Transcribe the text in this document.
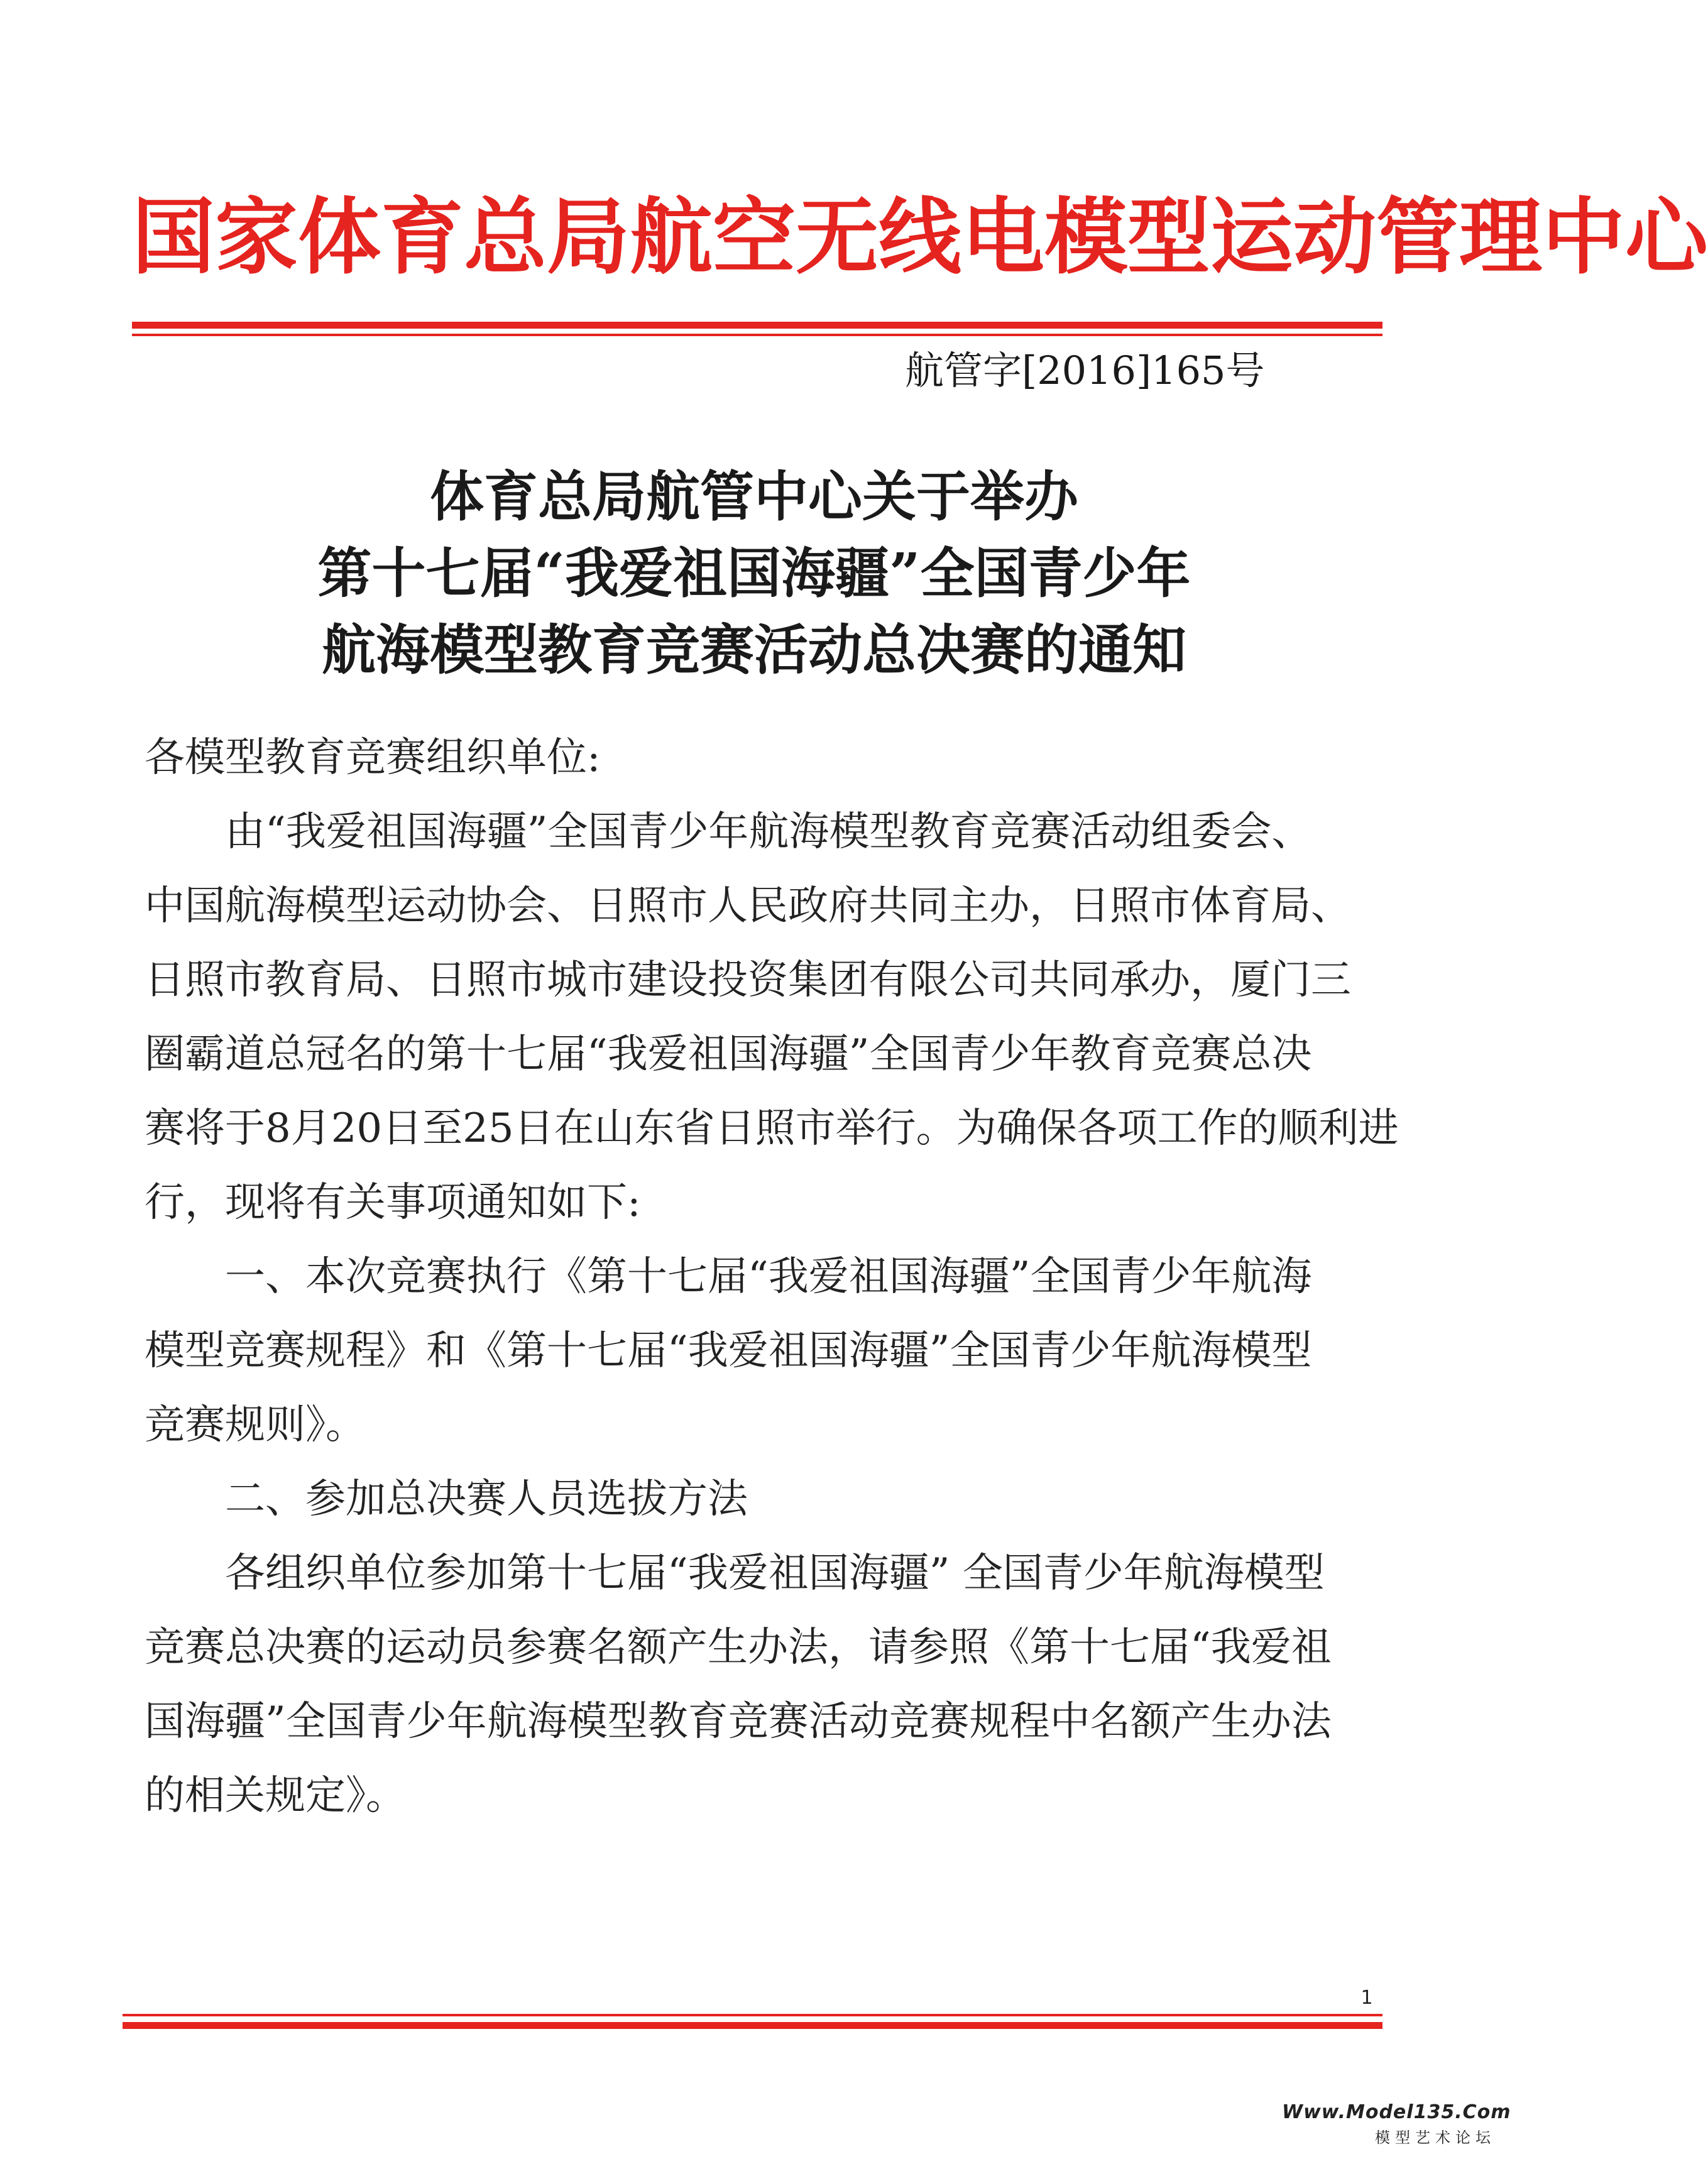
国家体育总局航空无线电模型运动管理中心
航管字[2016]165号
体育总局航管中心关于举办
第十七届“我爱祖国海疆”全国青少年
航海模型教育竞赛活动总决赛的通知
各模型教育竞赛组织单位:
　　由“我爱祖国海疆”全国青少年航海模型教育竞赛活动组委会、
中国航海模型运动协会、日照市人民政府共同主办，日照市体育局、
日照市教育局、日照市城市建设投资集团有限公司共同承办，厦门三
圈霸道总冠名的第十七届“我爱祖国海疆”全国青少年教育竞赛总决
赛将于8月20日至25日在山东省日照市举行。为确保各项工作的顺利进
行，现将有关事项通知如下:
　　一、本次竞赛执行《第十七届“我爱祖国海疆”全国青少年航海
模型竞赛规程》和《第十七届“我爱祖国海疆”全国青少年航海模型
竞赛规则》。
　　二、参加总决赛人员选拔方法
　　各组织单位参加第十七届“我爱祖国海疆” 全国青少年航海模型
竞赛总决赛的运动员参赛名额产生办法，请参照《第十七届“我爱祖
国海疆”全国青少年航海模型教育竞赛活动竞赛规程中名额产生办法
的相关规定》。
1
Www.Model135.Com
模型艺术论坛
